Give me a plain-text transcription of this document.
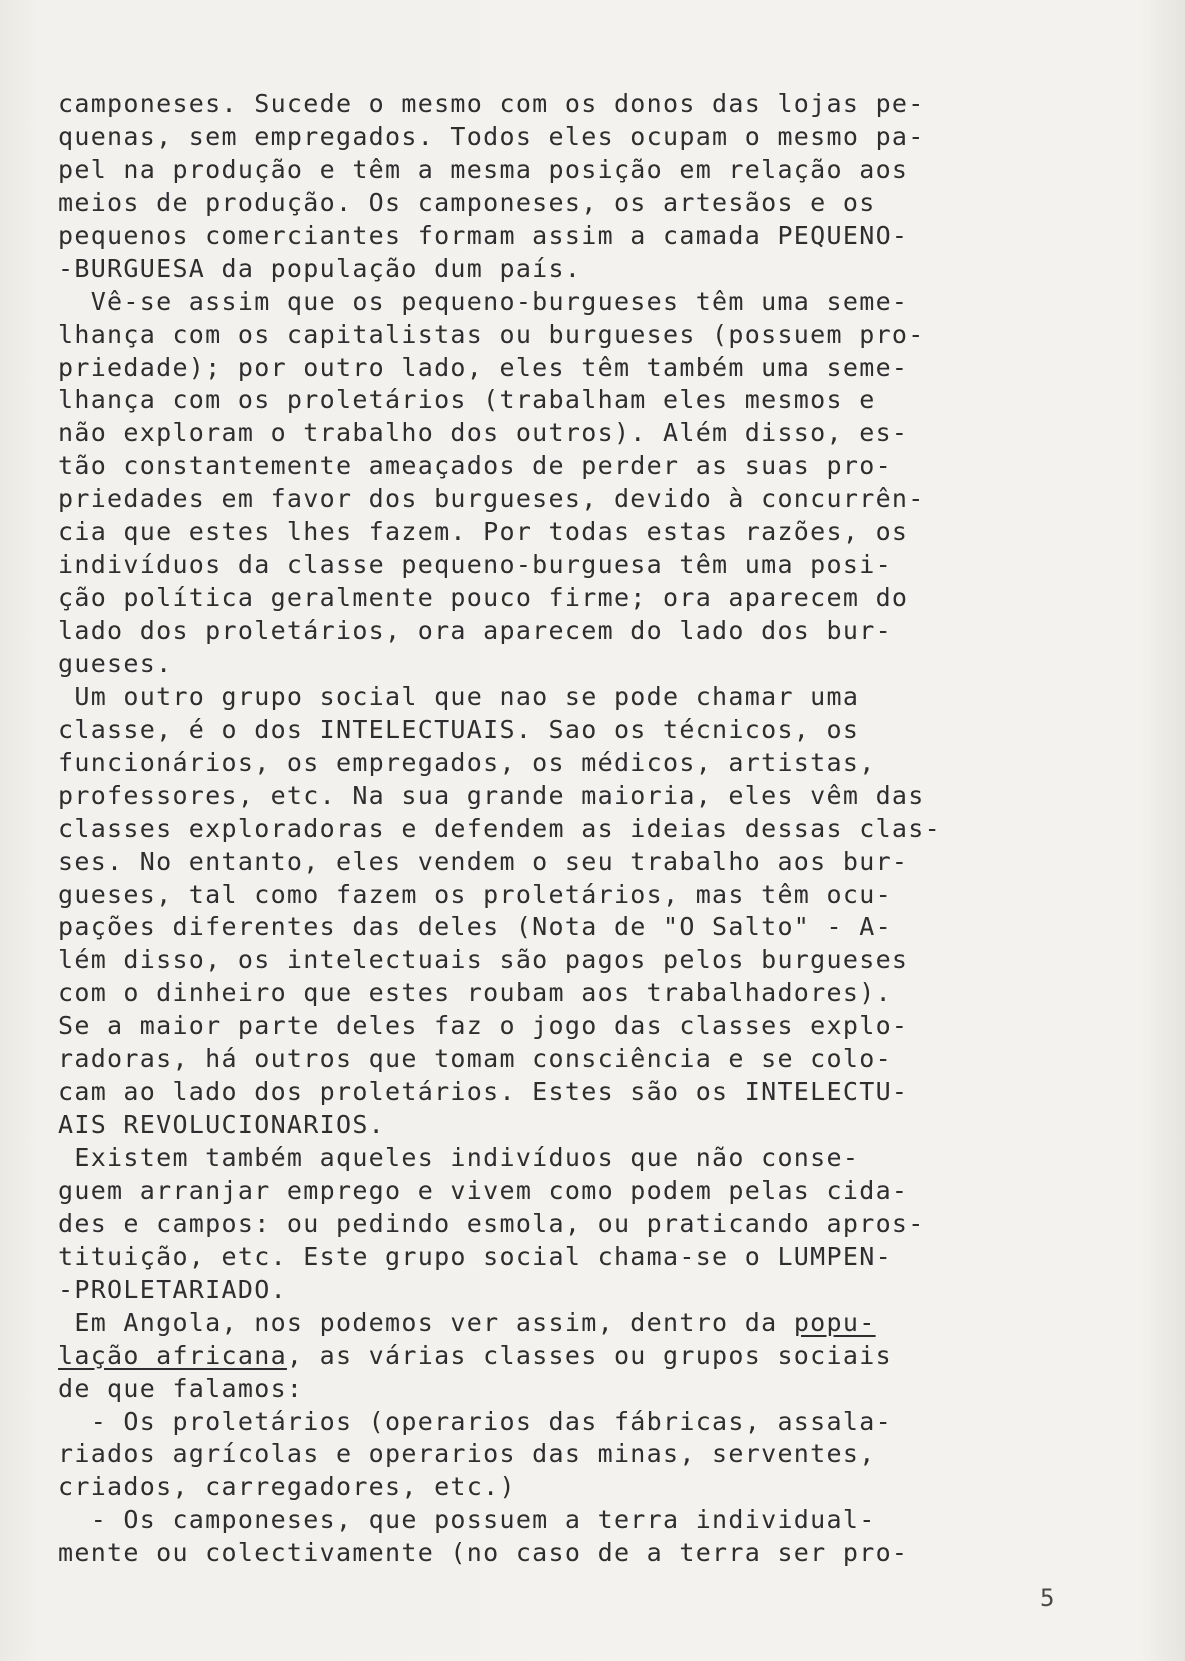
camponeses. Sucede o mesmo com os donos das lojas pe-
quenas, sem empregados. Todos eles ocupam o mesmo pa-
pel na produção e têm a mesma posição em relação aos
meios de produção. Os camponeses, os artesãos e os
pequenos comerciantes formam assim a camada PEQUENO-
-BURGUESA da população dum país.
Vê-se assim que os pequeno-burgueses têm uma seme-
lhança com os capitalistas ou burgueses (possuem pro-
priedade); por outro lado, eles têm também uma seme-
lhança com os proletários (trabalham eles mesmos e
não exploram o trabalho dos outros). Além disso, es-
tão constantemente ameaçados de perder as suas pro-
priedades em favor dos burgueses, devido à concurrên-
cia que estes lhes fazem. Por todas estas razões, os
indivíduos da classe pequeno-burguesa têm uma posi-
ção política geralmente pouco firme; ora aparecem do
lado dos proletários, ora aparecem do lado dos bur-
gueses.
Um outro grupo social que nao se pode chamar uma
classe, é o dos INTELECTUAIS. Sao os técnicos, os
funcionários, os empregados, os médicos, artistas,
professores, etc. Na sua grande maioria, eles vêm das
classes exploradoras e defendem as ideias dessas clas-
ses. No entanto, eles vendem o seu trabalho aos bur-
gueses, tal como fazem os proletários, mas têm ocu-
pações diferentes das deles (Nota de "O Salto" - A-
lém disso, os intelectuais são pagos pelos burgueses
com o dinheiro que estes roubam aos trabalhadores).
Se a maior parte deles faz o jogo das classes explo-
radoras, há outros que tomam consciência e se colo-
cam ao lado dos proletários. Estes são os INTELECTU-
AIS REVOLUCIONARIOS.
Existem também aqueles indivíduos que não conse-
guem arranjar emprego e vivem como podem pelas cida-
des e campos: ou pedindo esmola, ou praticando apros-
tituição, etc. Este grupo social chama-se o LUMPEN-
-PROLETARIADO.
Em Angola, nos podemos ver assim, dentro da popu-
lação africana, as várias classes ou grupos sociais
de que falamos:
- Os proletários (operarios das fábricas, assala-
riados agrícolas e operarios das minas, serventes,
criados, carregadores, etc.)
- Os camponeses, que possuem a terra individual-
mente ou colectivamente (no caso de a terra ser pro-
5
